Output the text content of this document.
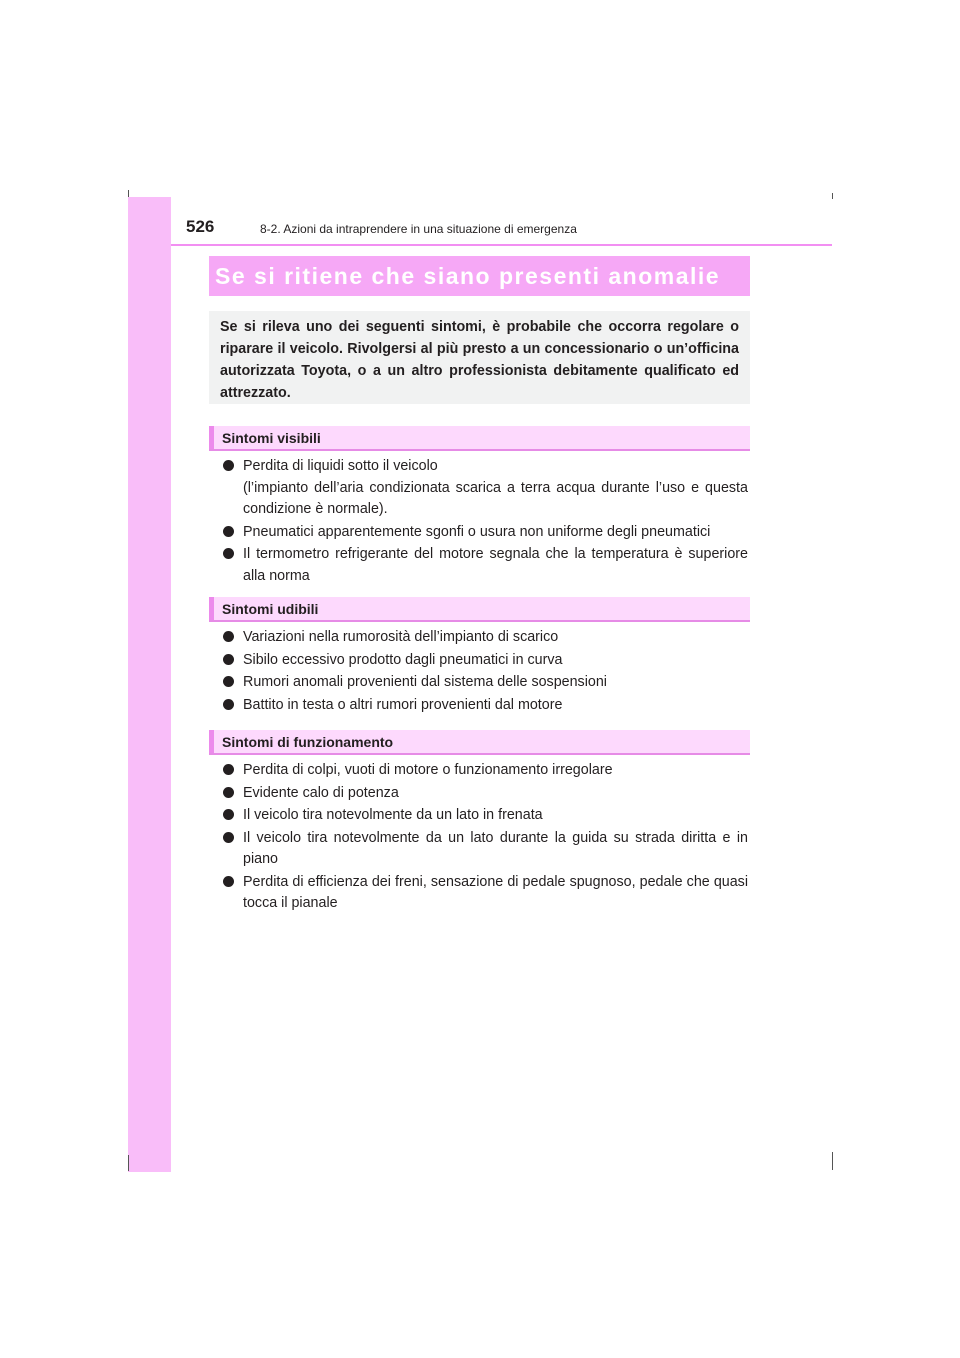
526	8-2. Azioni da intraprendere in una situazione di emergenza
Se si ritiene che siano presenti anomalie
Se si rileva uno dei seguenti sintomi, è probabile che occorra regolare o riparare il veicolo. Rivolgersi al più presto a un concessionario o un’officina autorizzata Toyota, o a un altro professionista debitamente qualificato ed attrezzato.
Sintomi visibili
Perdita di liquidi sotto il veicolo
(l’impianto dell’aria condizionata scarica a terra acqua durante l’uso e questa condizione è normale).
Pneumatici apparentemente sgonfi o usura non uniforme degli pneumatici
Il termometro refrigerante del motore segnala che la temperatura è superiore alla norma
Sintomi udibili
Variazioni nella rumorosità dell’impianto di scarico
Sibilo eccessivo prodotto dagli pneumatici in curva
Rumori anomali provenienti dal sistema delle sospensioni
Battito in testa o altri rumori provenienti dal motore
Sintomi di funzionamento
Perdita di colpi, vuoti di motore o funzionamento irregolare
Evidente calo di potenza
Il veicolo tira notevolmente da un lato in frenata
Il veicolo tira notevolmente da un lato durante la guida su strada diritta e in piano
Perdita di efficienza dei freni, sensazione di pedale spugnoso, pedale che quasi tocca il pianale
